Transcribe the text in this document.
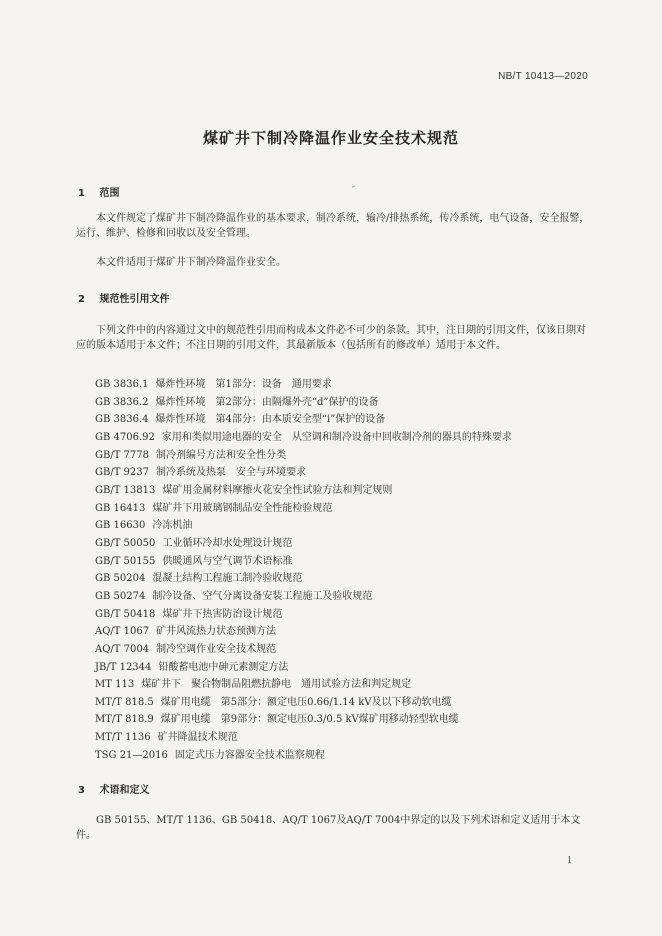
NB/T 10413—2020
煤矿井下制冷降温作业安全技术规范
1 范围
本文件规定了煤矿井下制冷降温作业的基本要求，制冷系统，输冷/排热系统，传冷系统，电气设备，安全报警，运行、维护、检修和回收以及安全管理。
本文件适用于煤矿井下制冷降温作业安全。
2 规范性引用文件
下列文件中的内容通过文中的规范性引用而构成本文件必不可少的条款。其中，注日期的引用文件，仅该日期对应的版本适用于本文件；不注日期的引用文件，其最新版本（包括所有的修改单）适用于本文件。
GB 3836.1 爆炸性环境　第1部分：设备　通用要求
GB 3836.2 爆炸性环境　第2部分：由隔爆外壳“d”保护的设备
GB 3836.4 爆炸性环境　第4部分：由本质安全型“i”保护的设备
GB 4706.92 家用和类似用途电器的安全　从空调和制冷设备中回收制冷剂的器具的特殊要求
GB/T 7778 制冷剂编号方法和安全性分类
GB/T 9237 制冷系统及热泵　安全与环境要求
GB/T 13813 煤矿用金属材料摩擦火花安全性试验方法和判定规则
GB 16413 煤矿井下用玻璃钢制品安全性能检验规范
GB 16630 冷冻机油
GB/T 50050 工业循环冷却水处理设计规范
GB/T 50155 供暖通风与空气调节术语标准
GB 50204 混凝土结构工程施工制冷验收规范
GB 50274 制冷设备、空气分离设备安装工程施工及验收规范
GB/T 50418 煤矿井下热害防治设计规范
AQ/T 1067 矿井风流热力状态预测方法
AQ/T 7004 制冷空调作业安全技术规范
JB/T 12344 铅酸蓄电池中砷元素测定方法
MT 113 煤矿井下　聚合物制品阻燃抗静电　通用试验方法和判定规定
MT/T 818.5 煤矿用电缆　第5部分：额定电压0.66/1.14 kV及以下移动软电缆
MT/T 818.9 煤矿用电缆　第9部分：额定电压0.3/0.5 kV煤矿用移动轻型软电缆
MT/T 1136 矿井降温技术规范
TSG 21—2016 固定式压力容器安全技术监察规程
3 术语和定义
GB 50155、MT/T 1136、GB 50418、AQ/T 1067及AQ/T 7004中界定的以及下列术语和定义适用于本文件。
1
